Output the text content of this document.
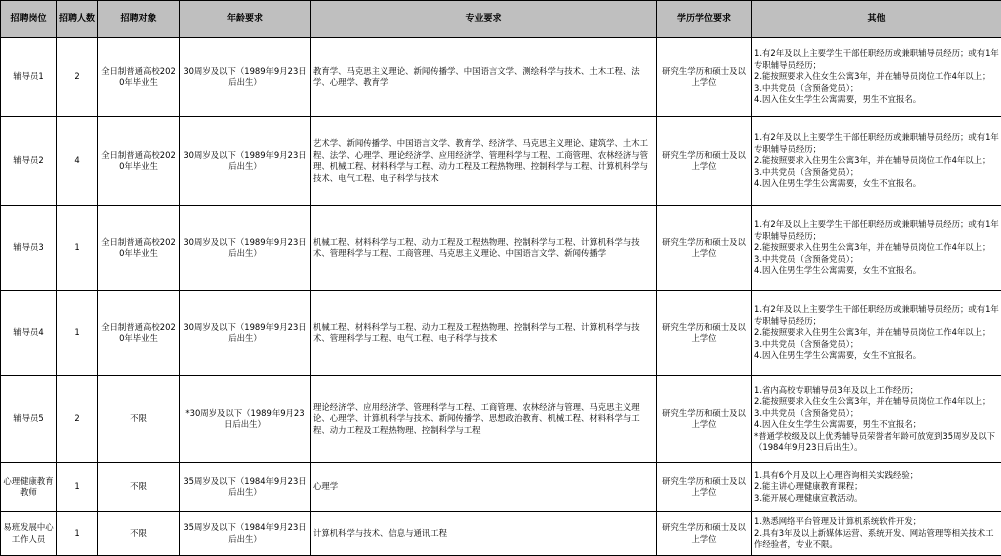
招聘岗位	招聘人数	招聘对象	年龄要求	专业要求	学历学位要求	其他
辅导员1	2	全日制普通高校2020年毕业生	30周岁及以下（1989年9月23日后出生）	教育学、马克思主义理论、新闻传播学、中国语言文学、测绘科学与技术、土木工程、法学、心理学、教育学	研究生学历和硕士及以上学位	1.有2年及以上主要学生干部任职经历或兼职辅导员经历；或有1年专职辅导员经历；
2.能按照要求入住女生公寓3年，并在辅导员岗位工作4年以上；
3.中共党员（含预备党员）；
4.因入住女生学生公寓需要，男生不宜报名。

辅导员2	4	全日制普通高校2020年毕业生	30周岁及以下（1989年9月23日后出生）	艺术学、新闻传播学、中国语言文学、教育学、经济学、马克思主义理论、建筑学、土木工程、法学、心理学、理论经济学、应用经济学、管理科学与工程、工商管理、农林经济与管理、机械工程、材料科学与工程、动力工程及工程热物理、控制科学与工程、计算机科学与技术、电气工程、电子科学与技术	研究生学历和硕士及以上学位	1.有2年及以上主要学生干部任职经历或兼职辅导员经历；或有1年专职辅导员经历；
2.能按照要求入住男生公寓3年，并在辅导员岗位工作4年以上；
3.中共党员（含预备党员）；
4.因入住男生学生公寓需要，女生不宜报名。

辅导员3	1	全日制普通高校2020年毕业生	30周岁及以下（1989年9月23日后出生）	机械工程、材料科学与工程、动力工程及工程热物理、控制科学与工程、计算机科学与技术、管理科学与工程、工商管理、马克思主义理论、中国语言文学、新闻传播学	研究生学历和硕士及以上学位	1.有2年及以上主要学生干部任职经历或兼职辅导员经历；或有1年专职辅导员经历；
2.能按照要求入住男生公寓3年，并在辅导员岗位工作4年以上；
3.中共党员（含预备党员）；
4.因入住男生学生公寓需要，女生不宜报名。

辅导员4	1	全日制普通高校2020年毕业生	30周岁及以下（1989年9月23日后出生）	机械工程、材料科学与工程、动力工程及工程热物理、控制科学与工程、计算机科学与技术、管理科学与工程、电气工程、电子科学与技术	研究生学历和硕士及以上学位	1.有2年及以上主要学生干部任职经历或兼职辅导员经历；或有1年专职辅导员经历；
2.能按照要求入住男生公寓3年，并在辅导员岗位工作4年以上；
3.中共党员（含预备党员）；
4.因入住男生学生公寓需要，女生不宜报名。

辅导员5	2	不限	*30周岁及以下（1989年9月23日后出生）	理论经济学、应用经济学、管理科学与工程、工商管理、农林经济与管理、马克思主义理论、心理学、计算机科学与技术、新闻传播学、思想政治教育、机械工程、材料科学与工程、动力工程及工程热物理、控制科学与工程	研究生学历和硕士及以上学位	1.省内高校专职辅导员3年及以上工作经历；
2.能按照要求入住女生公寓3年，并在辅导员岗位工作4年以上；
3.中共党员（含预备党员）；
4.因入住女生学生公寓需要，男生不宜报名；
*普通学校级及以上优秀辅导员荣誉者年龄可放宽到35周岁及以下（1984年9月23日后出生）。

心理健康教育教师	1	不限	35周岁及以下（1984年9月23日后出生）	心理学	研究生学历和硕士及以上学位	1.具有6个月及以上心理咨询相关实践经验；
2.能主讲心理健康教育课程；
3.能开展心理健康宣教活动。

易班发展中心工作人员	1	不限	35周岁及以下（1984年9月23日后出生）	计算机科学与技术、信息与通讯工程	研究生学历和硕士及以上学位	1.熟悉网络平台管理及计算机系统软件开发；
2.具有3年及以上新媒体运营、系统开发、网站管理等相关技术工作经验者，专业不限。
